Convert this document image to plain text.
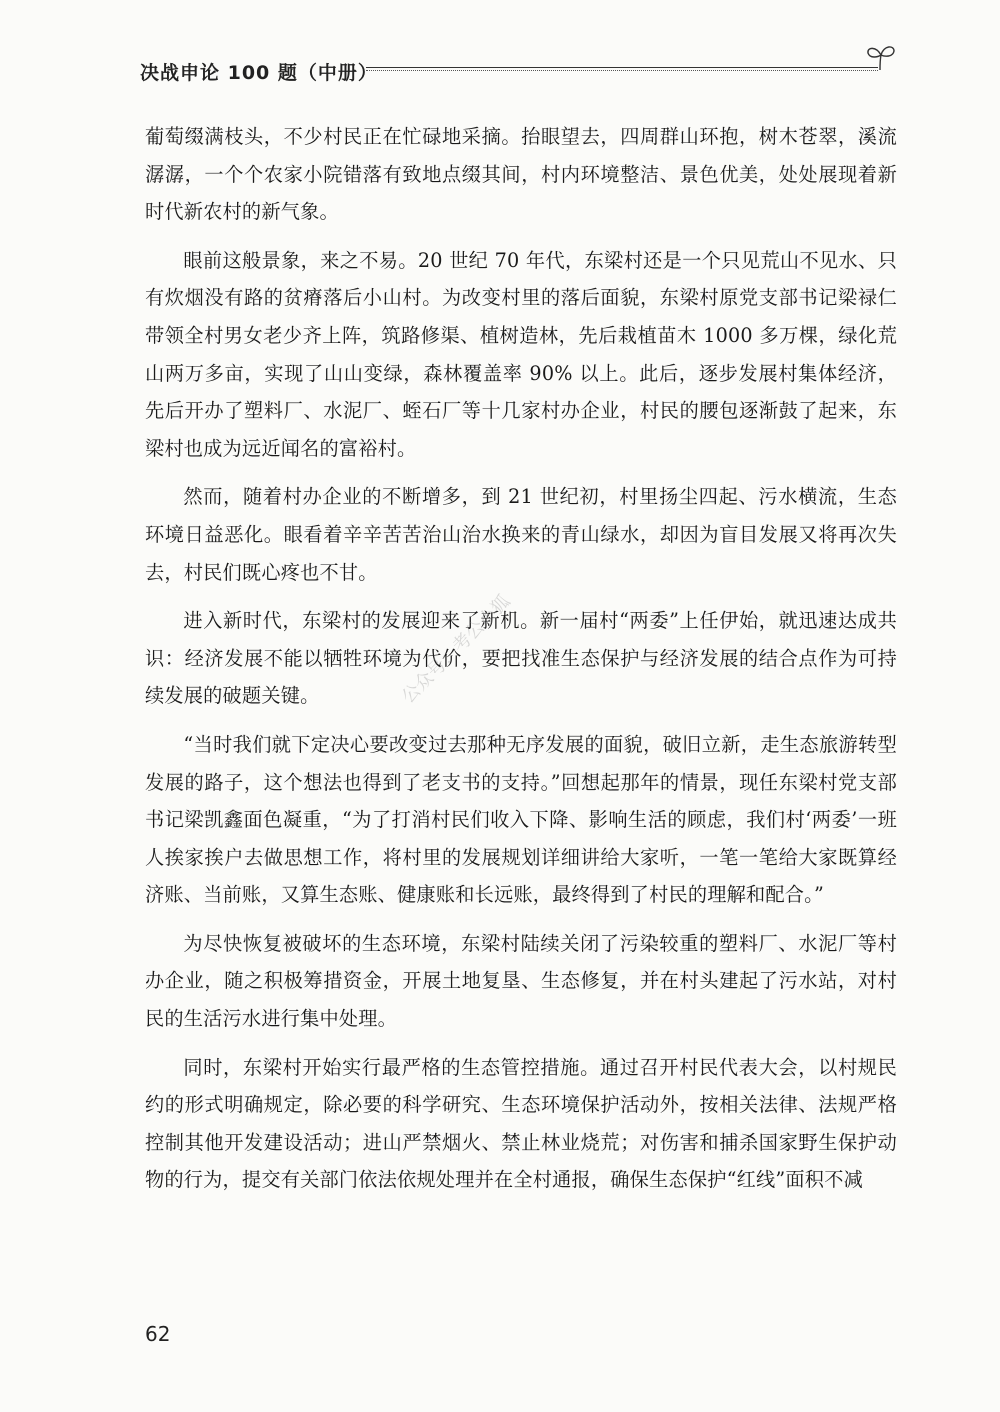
决战申论 100 题（中册）

葡萄缀满枝头，不少村民正在忙碌地采摘。抬眼望去，四周群山环抱，树木苍翠，溪流潺潺，一个个农家小院错落有致地点缀其间，村内环境整洁、景色优美，处处展现着新时代新农村的新气象。

眼前这般景象，来之不易。20 世纪 70 年代，东梁村还是一个只见荒山不见水、只有炊烟没有路的贫瘠落后小山村。为改变村里的落后面貌，东梁村原党支部书记梁禄仁带领全村男女老少齐上阵，筑路修渠、植树造林，先后栽植苗木 1000 多万棵，绿化荒山两万多亩，实现了山山变绿，森林覆盖率 90% 以上。此后，逐步发展村集体经济，先后开办了塑料厂、水泥厂、蛭石厂等十几家村办企业，村民的腰包逐渐鼓了起来，东梁村也成为远近闻名的富裕村。

然而，随着村办企业的不断增多，到 21 世纪初，村里扬尘四起、污水横流，生态环境日益恶化。眼看着辛辛苦苦治山治水换来的青山绿水，却因为盲目发展又将再次失去，村民们既心疼也不甘。

进入新时代，东梁村的发展迎来了新机。新一届村“两委”上任伊始，就迅速达成共识：经济发展不能以牺牲环境为代价，要把找准生态保护与经济发展的结合点作为可持续发展的破题关键。

“当时我们就下定决心要改变过去那种无序发展的面貌，破旧立新，走生态旅游转型发展的路子，这个想法也得到了老支书的支持。”回想起那年的情景，现任东梁村党支部书记梁凯鑫面色凝重，“为了打消村民们收入下降、影响生活的顾虑，我们村‘两委’一班人挨家挨户去做思想工作，将村里的发展规划详细讲给大家听，一笔一笔给大家既算经济账、当前账，又算生态账、健康账和长远账，最终得到了村民的理解和配合。”

为尽快恢复被破坏的生态环境，东梁村陆续关闭了污染较重的塑料厂、水泥厂等村办企业，随之积极筹措资金，开展土地复垦、生态修复，并在村头建起了污水站，对村民的生活污水进行集中处理。

同时，东梁村开始实行最严格的生态管控措施。通过召开村民代表大会，以村规民约的形式明确规定，除必要的科学研究、生态环境保护活动外，按相关法律、法规严格控制其他开发建设活动；进山严禁烟火、禁止林业烧荒；对伤害和捕杀国家野生保护动物的行为，提交有关部门依法依规处理并在全村通报，确保生态保护“红线”面积不减

公众号：考公小狐
62
